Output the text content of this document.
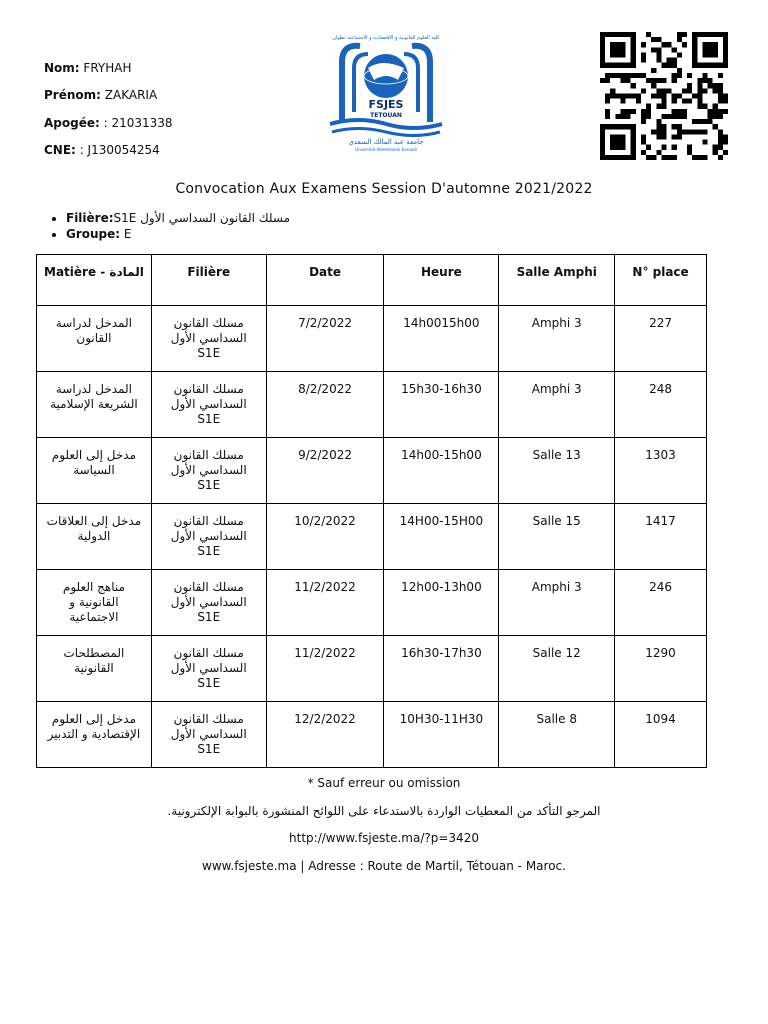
Nom: FRYHAH
Prénom: ZAKARIA
Apogée: : 21031338
CNE: : J130054254
كلية العلوم القانونية و الاقتصادية و الاجتماعية تطوان
FSJES
TETOUAN
جامعة عبد المالك السعدي
Université Abdelmalek Essaadi
Convocation Aux Examens Session D'automne 2021/2022
• Filière:S1E مسلك القانون السداسي الأول
• Groupe: E
Matière - المادة	Filière	Date	Heure	Salle Amphi	N° place
المدخل لدراسة القانون	مسلك القانون السداسي الأول S1E	7/2/2022	14h0015h00	Amphi 3	227
المدخل لدراسة الشريعة الإسلامية	مسلك القانون السداسي الأول S1E	8/2/2022	15h30-16h30	Amphi 3	248
مدخل إلى العلوم السياسة	مسلك القانون السداسي الأول S1E	9/2/2022	14h00-15h00	Salle 13	1303
مدخل إلى العلاقات الدولية	مسلك القانون السداسي الأول S1E	10/2/2022	14H00-15H00	Salle 15	1417
مناهج العلوم القانونية و الاجتماعية	مسلك القانون السداسي الأول S1E	11/2/2022	12h00-13h00	Amphi 3	246
المصطلحات القانونية	مسلك القانون السداسي الأول S1E	11/2/2022	16h30-17h30	Salle 12	1290
مدخل إلى العلوم الإقتصادية و التدبير	مسلك القانون السداسي الأول S1E	12/2/2022	10H30-11H30	Salle 8	1094
* Sauf erreur ou omission
المرجو التأكد من المعطيات الواردة بالاستدعاء على اللوائح المنشورة بالبوابة الإلكترونية.
http://www.fsjeste.ma/?p=3420
www.fsjeste.ma | Adresse : Route de Martil, Tétouan - Maroc.
